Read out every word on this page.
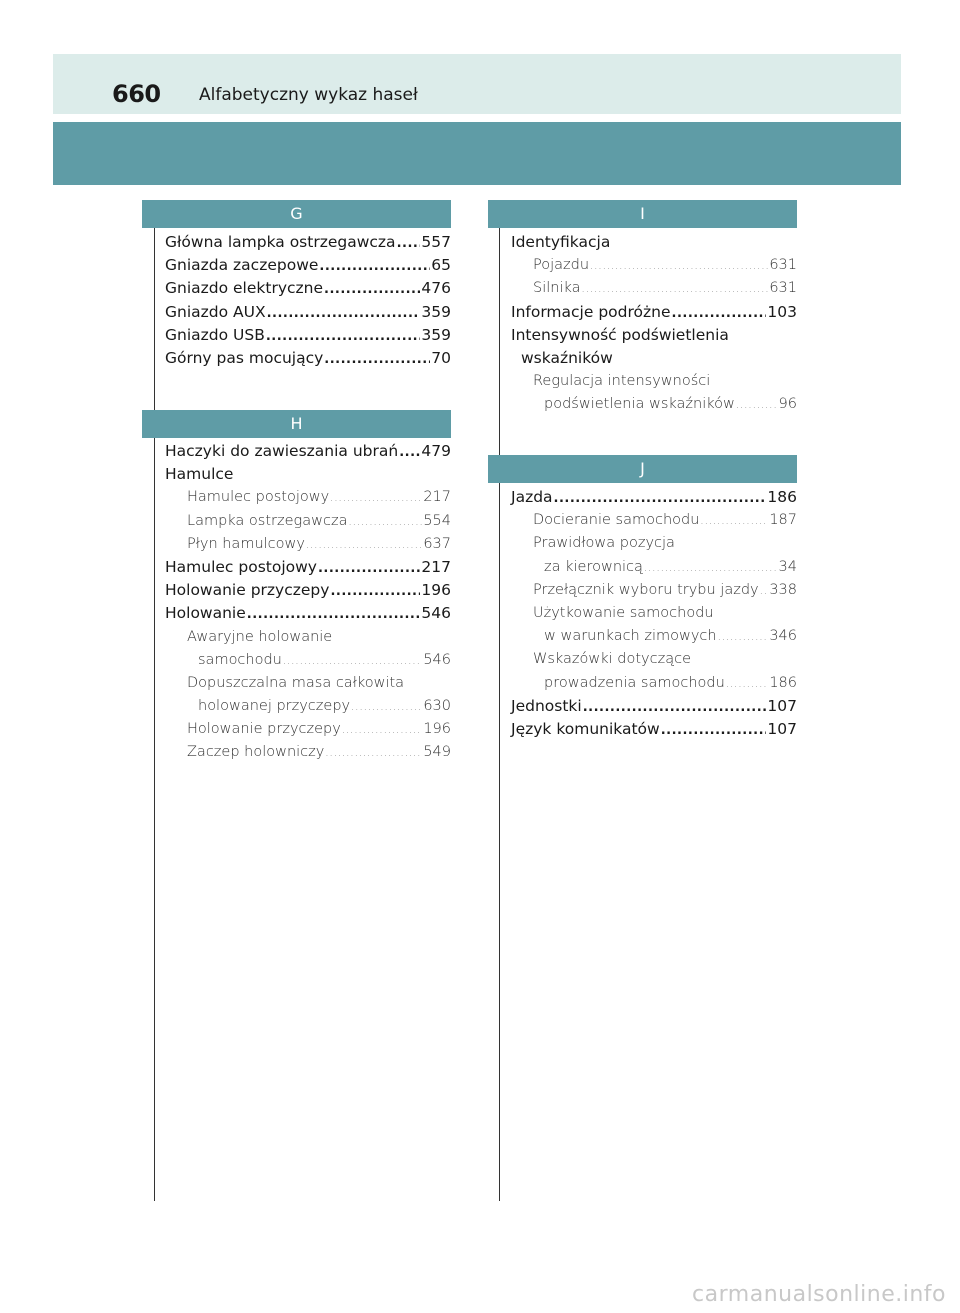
660 Alfabetyczny wykaz haseł
G
Główna lampka ostrzegawcza ..... 557
Gniazda zaczepowe .....	65
Gniazdo elektryczne .....	476
Gniazdo AUX .....	359
Gniazdo USB .....	359
Górny pas mocujący .....	70
H
Haczyki do zawieszania ubrań ..... 479
Hamulce
Hamulec postojowy .....	217
Lampka ostrzegawcza .....	554
Płyn hamulcowy .....	637
Hamulec postojowy .....	217
Holowanie przyczepy .....	196
Holowanie .....	546
Awaryjne holowanie
samochodu .....	546
Dopuszczalna masa całkowita
holowanej przyczepy .....	630
Holowanie przyczepy .....	196
Zaczep holowniczy .....	549
I
Identyfikacja
Pojazdu .....	631
Silnika .....	631
Informacje podróżne .....	103
Intensywność podświetlenia
wskaźników
Regulacja intensywności
podświetlenia wskaźników .....	96
J
Jazda .....	186
Docieranie samochodu .....	187
Prawidłowa pozycja
za kierownicą .....	34
Przełącznik wyboru trybu jazdy ..... 338
Użytkowanie samochodu
w warunkach zimowych .....	346
Wskazówki dotyczące
prowadzenia samochodu .....	186
Jednostki .....	107
Język komunikatów .....	107
carmanualsonline.info
